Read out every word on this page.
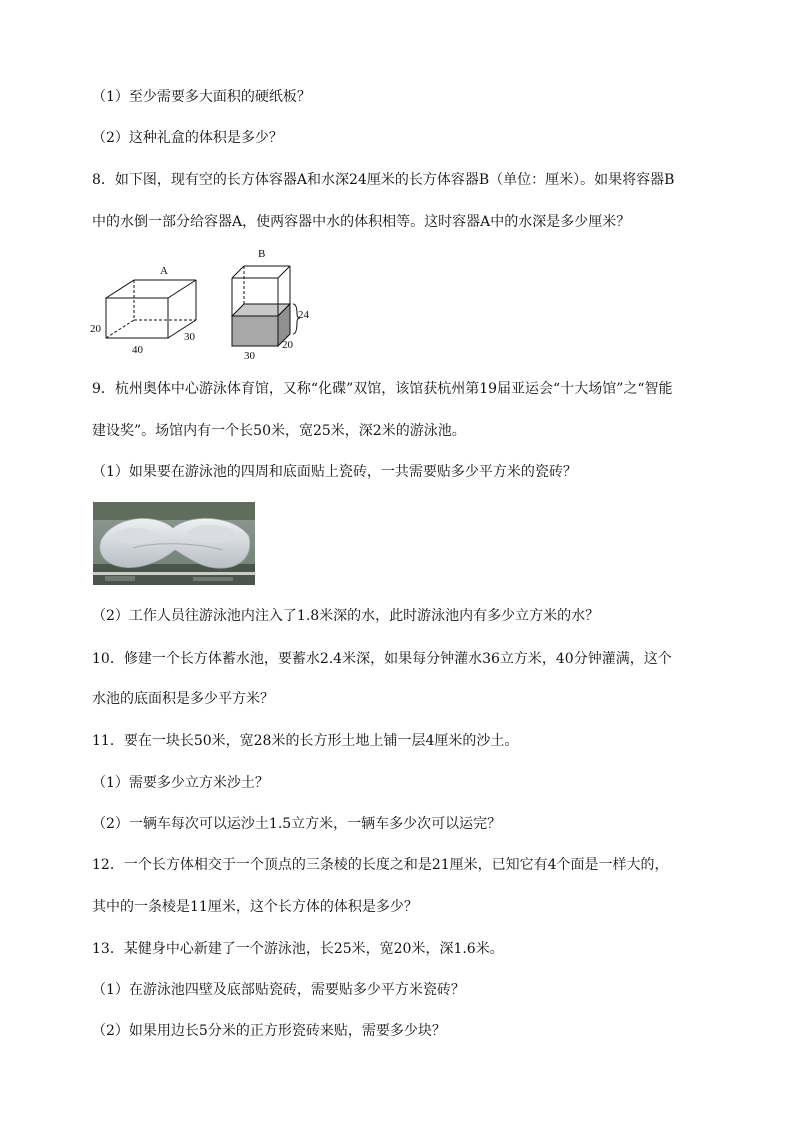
（1）至少需要多大面积的硬纸板？
（2）这种礼盒的体积是多少？
8．如下图，现有空的长方体容器A和水深24厘米的长方体容器B（单位：厘米）。如果将容器B
中的水倒一部分给容器A，使两容器中水的体积相等。这时容器A中的水深是多少厘米？
A
20
40
30
B
24
20
30
9．杭州奥体中心游泳体育馆，又称“化碟”双馆，该馆获杭州第19届亚运会“十大场馆”之“智能
建设奖”。场馆内有一个长50米，宽25米，深2米的游泳池。
（1）如果要在游泳池的四周和底面贴上瓷砖，一共需要贴多少平方米的瓷砖？
（2）工作人员往游泳池内注入了1.8米深的水，此时游泳池内有多少立方米的水？
10．修建一个长方体蓄水池，要蓄水2.4米深，如果每分钟灌水36立方米，40分钟灌满，这个
水池的底面积是多少平方米？
11．要在一块长50米，宽28米的长方形土地上铺一层4厘米的沙土。
（1）需要多少立方米沙土？
（2）一辆车每次可以运沙土1.5立方米，一辆车多少次可以运完？
12．一个长方体相交于一个顶点的三条棱的长度之和是21厘米，已知它有4个面是一样大的，
其中的一条棱是11厘米，这个长方体的体积是多少？
13．某健身中心新建了一个游泳池，长25米，宽20米，深1.6米。
（1）在游泳池四壁及底部贴瓷砖，需要贴多少平方米瓷砖？
（2）如果用边长5分米的正方形瓷砖来贴，需要多少块？
